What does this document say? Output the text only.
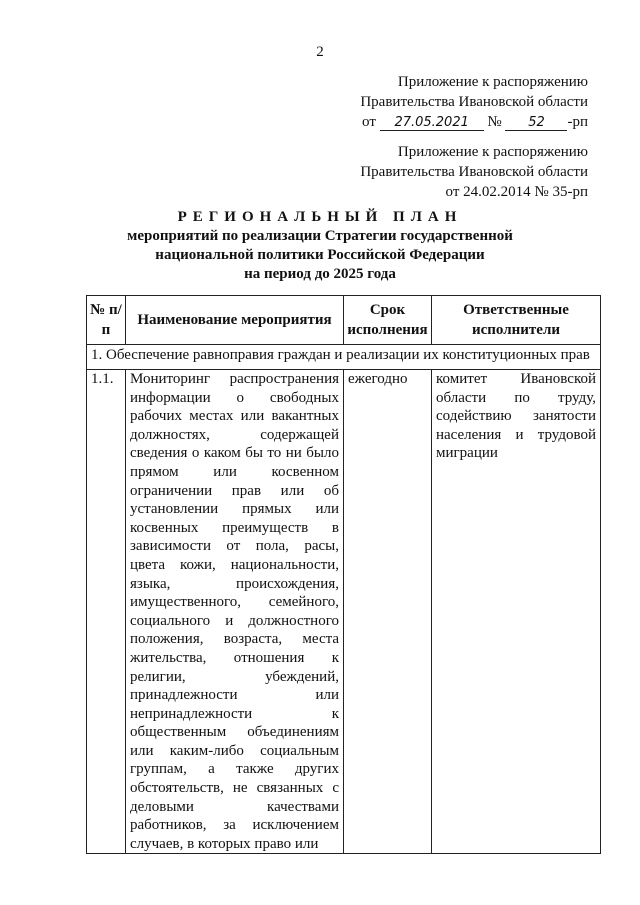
2
Приложение к распоряжению
Правительства Ивановской области
от 27.05.2021 № 52 -рп
Приложение к распоряжению
Правительства Ивановской области
от 24.02.2014 № 35-рп
РЕГИОНАЛЬНЫЙ ПЛАН
мероприятий по реализации Стратегии государственной
национальной политики Российской Федерации
на период до 2025 года
№ п/п	Наименование мероприятия	Срок исполнения	Ответственные исполнители
1. Обеспечение равноправия граждан и реализации их конституционных прав			
1.1.	Мониторинг распространения информации о свободных рабочих местах или вакантных должностях, содержащей сведения о каком бы то ни было прямом или косвенном ограничении прав или об установлении прямых или косвенных преимуществ в зависимости от пола, расы, цвета кожи, национальности, языка, происхождения, имущественного, семейного, социального и должностного положения, возраста, места жительства, отношения к религии, убеждений, принадлежности или непринадлежности к общественным объединениям или каким-либо социальным группам, а также других обстоятельств, не связанных с деловыми качествами работников, за исключением случаев, в которых право или	ежегодно	комитет Ивановской области по труду, содействию занятости населения и трудовой миграции
